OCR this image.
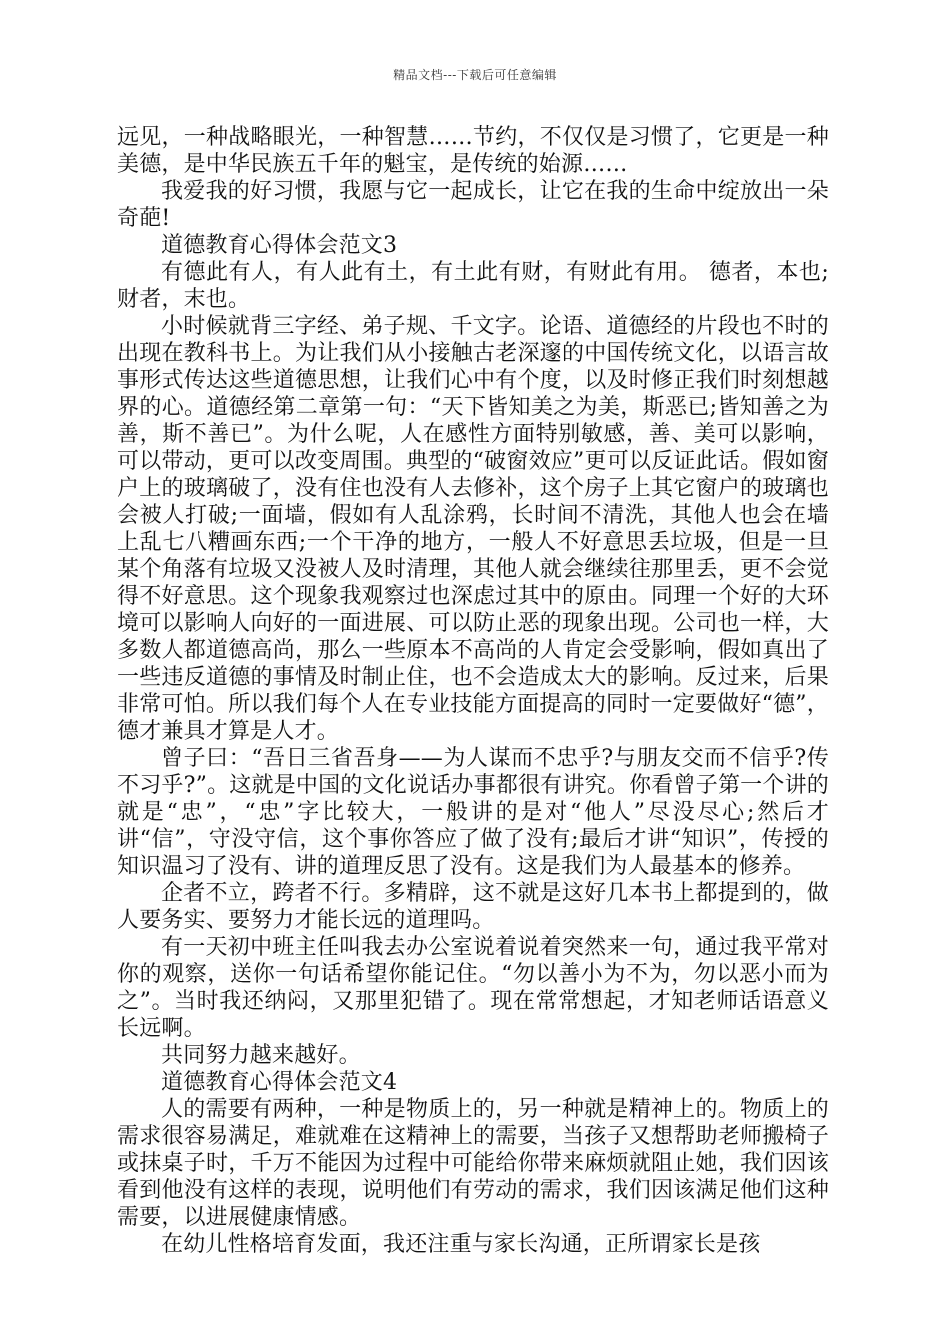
精品文档---下载后可任意编辑

远见，一种战略眼光，一种智慧……节约，不仅仅是习惯了，它更是一种美德，是中华民族五千年的魁宝，是传统的始源……

我爱我的好习惯，我愿与它一起成长，让它在我的生命中绽放出一朵奇葩!

道德教育心得体会范文3

有德此有人，有人此有土，有土此有财，有财此有用。 德者，本也;财者，末也。

小时候就背三字经、弟子规、千文字。论语、道德经的片段也不时的出现在教科书上。为让我们从小接触古老深邃的中国传统文化，以语言故事形式传达这些道德思想，让我们心中有个度，以及时修正我们时刻想越界的心。道德经第二章第一句：“天下皆知美之为美，斯恶已;皆知善之为善，斯不善已”。为什么呢，人在感性方面特别敏感，善、美可以影响，可以带动，更可以改变周围。典型的“破窗效应”更可以反证此话。假如窗户上的玻璃破了，没有住也没有人去修补，这个房子上其它窗户的玻璃也会被人打破;一面墙，假如有人乱涂鸦，长时间不清洗，其他人也会在墙上乱七八糟画东西;一个干净的地方，一般人不好意思丢垃圾，但是一旦某个角落有垃圾又没被人及时清理，其他人就会继续往那里丢，更不会觉得不好意思。这个现象我观察过也深虑过其中的原由。同理一个好的大环境可以影响人向好的一面进展、可以防止恶的现象出现。公司也一样，大多数人都道德高尚，那么一些原本不高尚的人肯定会受影响，假如真出了一些违反道德的事情及时制止住，也不会造成太大的影响。反过来，后果非常可怕。所以我们每个人在专业技能方面提高的同时一定要做好“德”，德才兼具才算是人才。

曾子曰：“吾日三省吾身——为人谋而不忠乎?与朋友交而不信乎?传不习乎?”。这就是中国的文化说话办事都很有讲究。你看曾子第一个讲的就是“忠”，“忠”字比较大，一般讲的是对“他人”尽没尽心;然后才讲“信”，守没守信，这个事你答应了做了没有;最后才讲“知识”，传授的知识温习了没有、讲的道理反思了没有。这是我们为人最基本的修养。

企者不立，跨者不行。多精辟，这不就是这好几本书上都提到的，做人要务实、要努力才能长远的道理吗。

有一天初中班主任叫我去办公室说着说着突然来一句，通过我平常对你的观察，送你一句话希望你能记住。“勿以善小为不为，勿以恶小而为之”。当时我还纳闷，又那里犯错了。现在常常想起，才知老师话语意义长远啊。

共同努力越来越好。

道德教育心得体会范文4

人的需要有两种，一种是物质上的，另一种就是精神上的。物质上的需求很容易满足，难就难在这精神上的需要，当孩子又想帮助老师搬椅子或抹桌子时，千万不能因为过程中可能给你带来麻烦就阻止她，我们因该看到他没有这样的表现，说明他们有劳动的需求，我们因该满足他们这种需要，以进展健康情感。

在幼儿性格培育发面，我还注重与家长沟通，正所谓家长是孩
